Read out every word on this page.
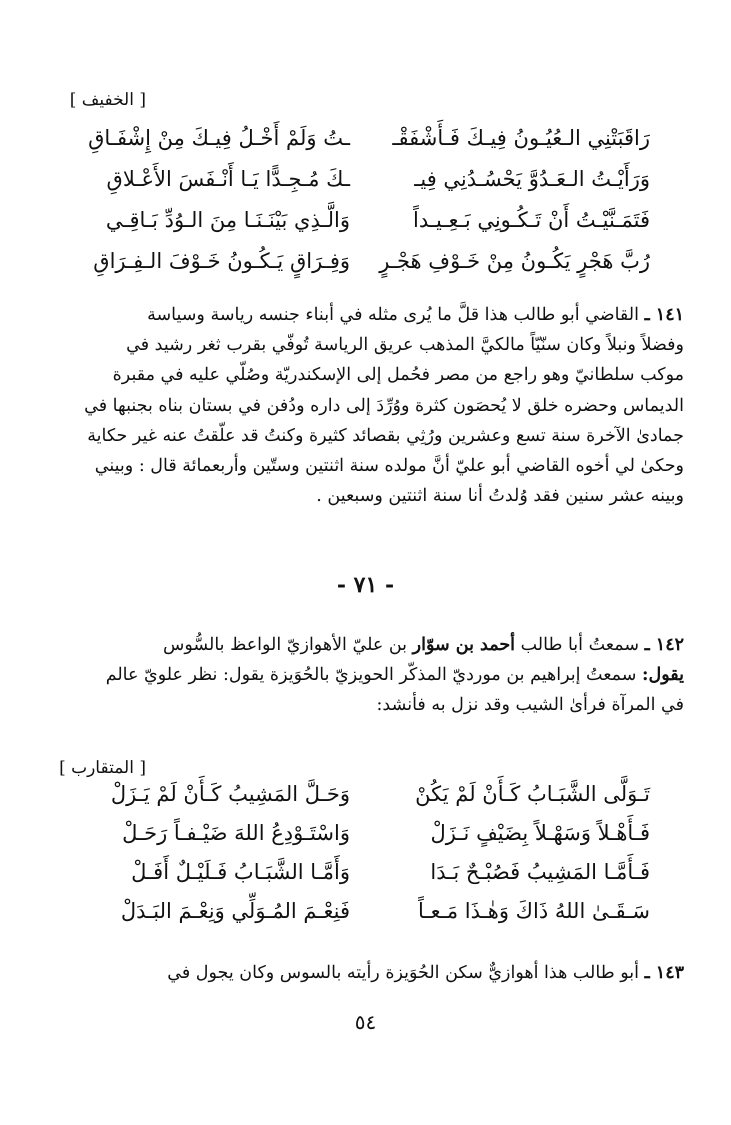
[ الخفيف ]
رَاقَبَتْنِي الـعُيُـونُ فِيـكَ فَـأَشْفَقْـ
ـتُ وَلَمْ أَخْـلُ فِيـكَ مِنْ إِشْفَـاقِ
وَرَأَيْـتُ الـعَـدُوَّ يَحْسُـدُنِي فِيـ
ـكَ مُـجِـدًّا يَـا أَنْـفَسَ الأَعْـلاقِ
فَتَمَـنَّيْـتُ أَنْ تَـكُـونِي بَـعِـيـداً
وَالَّـذِي بَيْنَـنَـا مِنَ الـوُدِّ بَـاقِـي
رُبَّ هَجْرٍ يَكُـونُ مِنْ خَـوْفِ هَجْـرٍ
وَفِـرَاقٍ يَـكُـونُ خَـوْفَ الـفِـرَاقِ

١٤١ ـ القاضي أبو طالب هذا قلَّ ما يُرى مثله في أبناء جنسه رياسة وسياسة

وفضلاً ونبلاً وكان سنّيّاً مالكيَّ المذهب عريق الرياسة تُوفّي بقرب ثغر رشيد في

موكب سلطانيّ وهو راجع من مصر فحُمل إلى الإسكندريّة وصُلّي عليه في مقبرة

الديماس وحضره خلق لا يُحصَون كثرة ووُرِّدَ إلى داره ودُفن في بستان بناه بجنبها في

جمادىٰ الآخرة سنة تسع وعشرين ورُثِي بقصائد كثيرة وكنتُ قد علّقتُ عنه غير حكاية

وحكىٰ لي أخوه القاضي أبو عليّ أنَّ مولده سنة اثنتين وستّين وأربعمائة قال : وبيني

وبينه عشر سنين فقد وُلدتُ أنا سنة اثنتين وسبعين .

- ٧١ -

١٤٢ ـ سمعتُ أبا طالب أحمد بن سوّار بن عليّ الأهوازيّ الواعظ بالسُّوس

يقول: سمعتُ إبراهيم بن مورديّ المذكّر الحويزيّ بالحُوَيزة يقول: نظر علويّ عالم

في المرآة فرأىٰ الشيب وقد نزل به فأنشد:

[ المتقارب ]
تَـوَلَّى الشَّبَـابُ كَـأَنْ لَمْ يَكُنْ
وَحَـلَّ المَشِيبُ كَـأَنْ لَمْ يَـزَلْ
فَـأَهْـلاً وَسَهْـلاً بِضَيْفٍ نَـزَلْ
وَاسْتَـوْدِعُ اللهَ ضَيْـفـاً رَحَـلْ
فَـأَمَّـا المَشِيبُ فَصُبْـحٌ بَـدَا
وَأَمَّـا الشَّبَـابُ فَـلَيْـلٌ أَفَـلْ
سَـقَـىٰ اللهُ ذَاكَ وَهٰـذَا مَـعـاً
فَنِعْـمَ المُـوَلِّي وَنِعْـمَ البَـدَلْ

١٤٣ ـ أبو طالب هذا أهوازيٌّ سكن الحُوَيزة رأيته بالسوس وكان يجول في

٥٤
